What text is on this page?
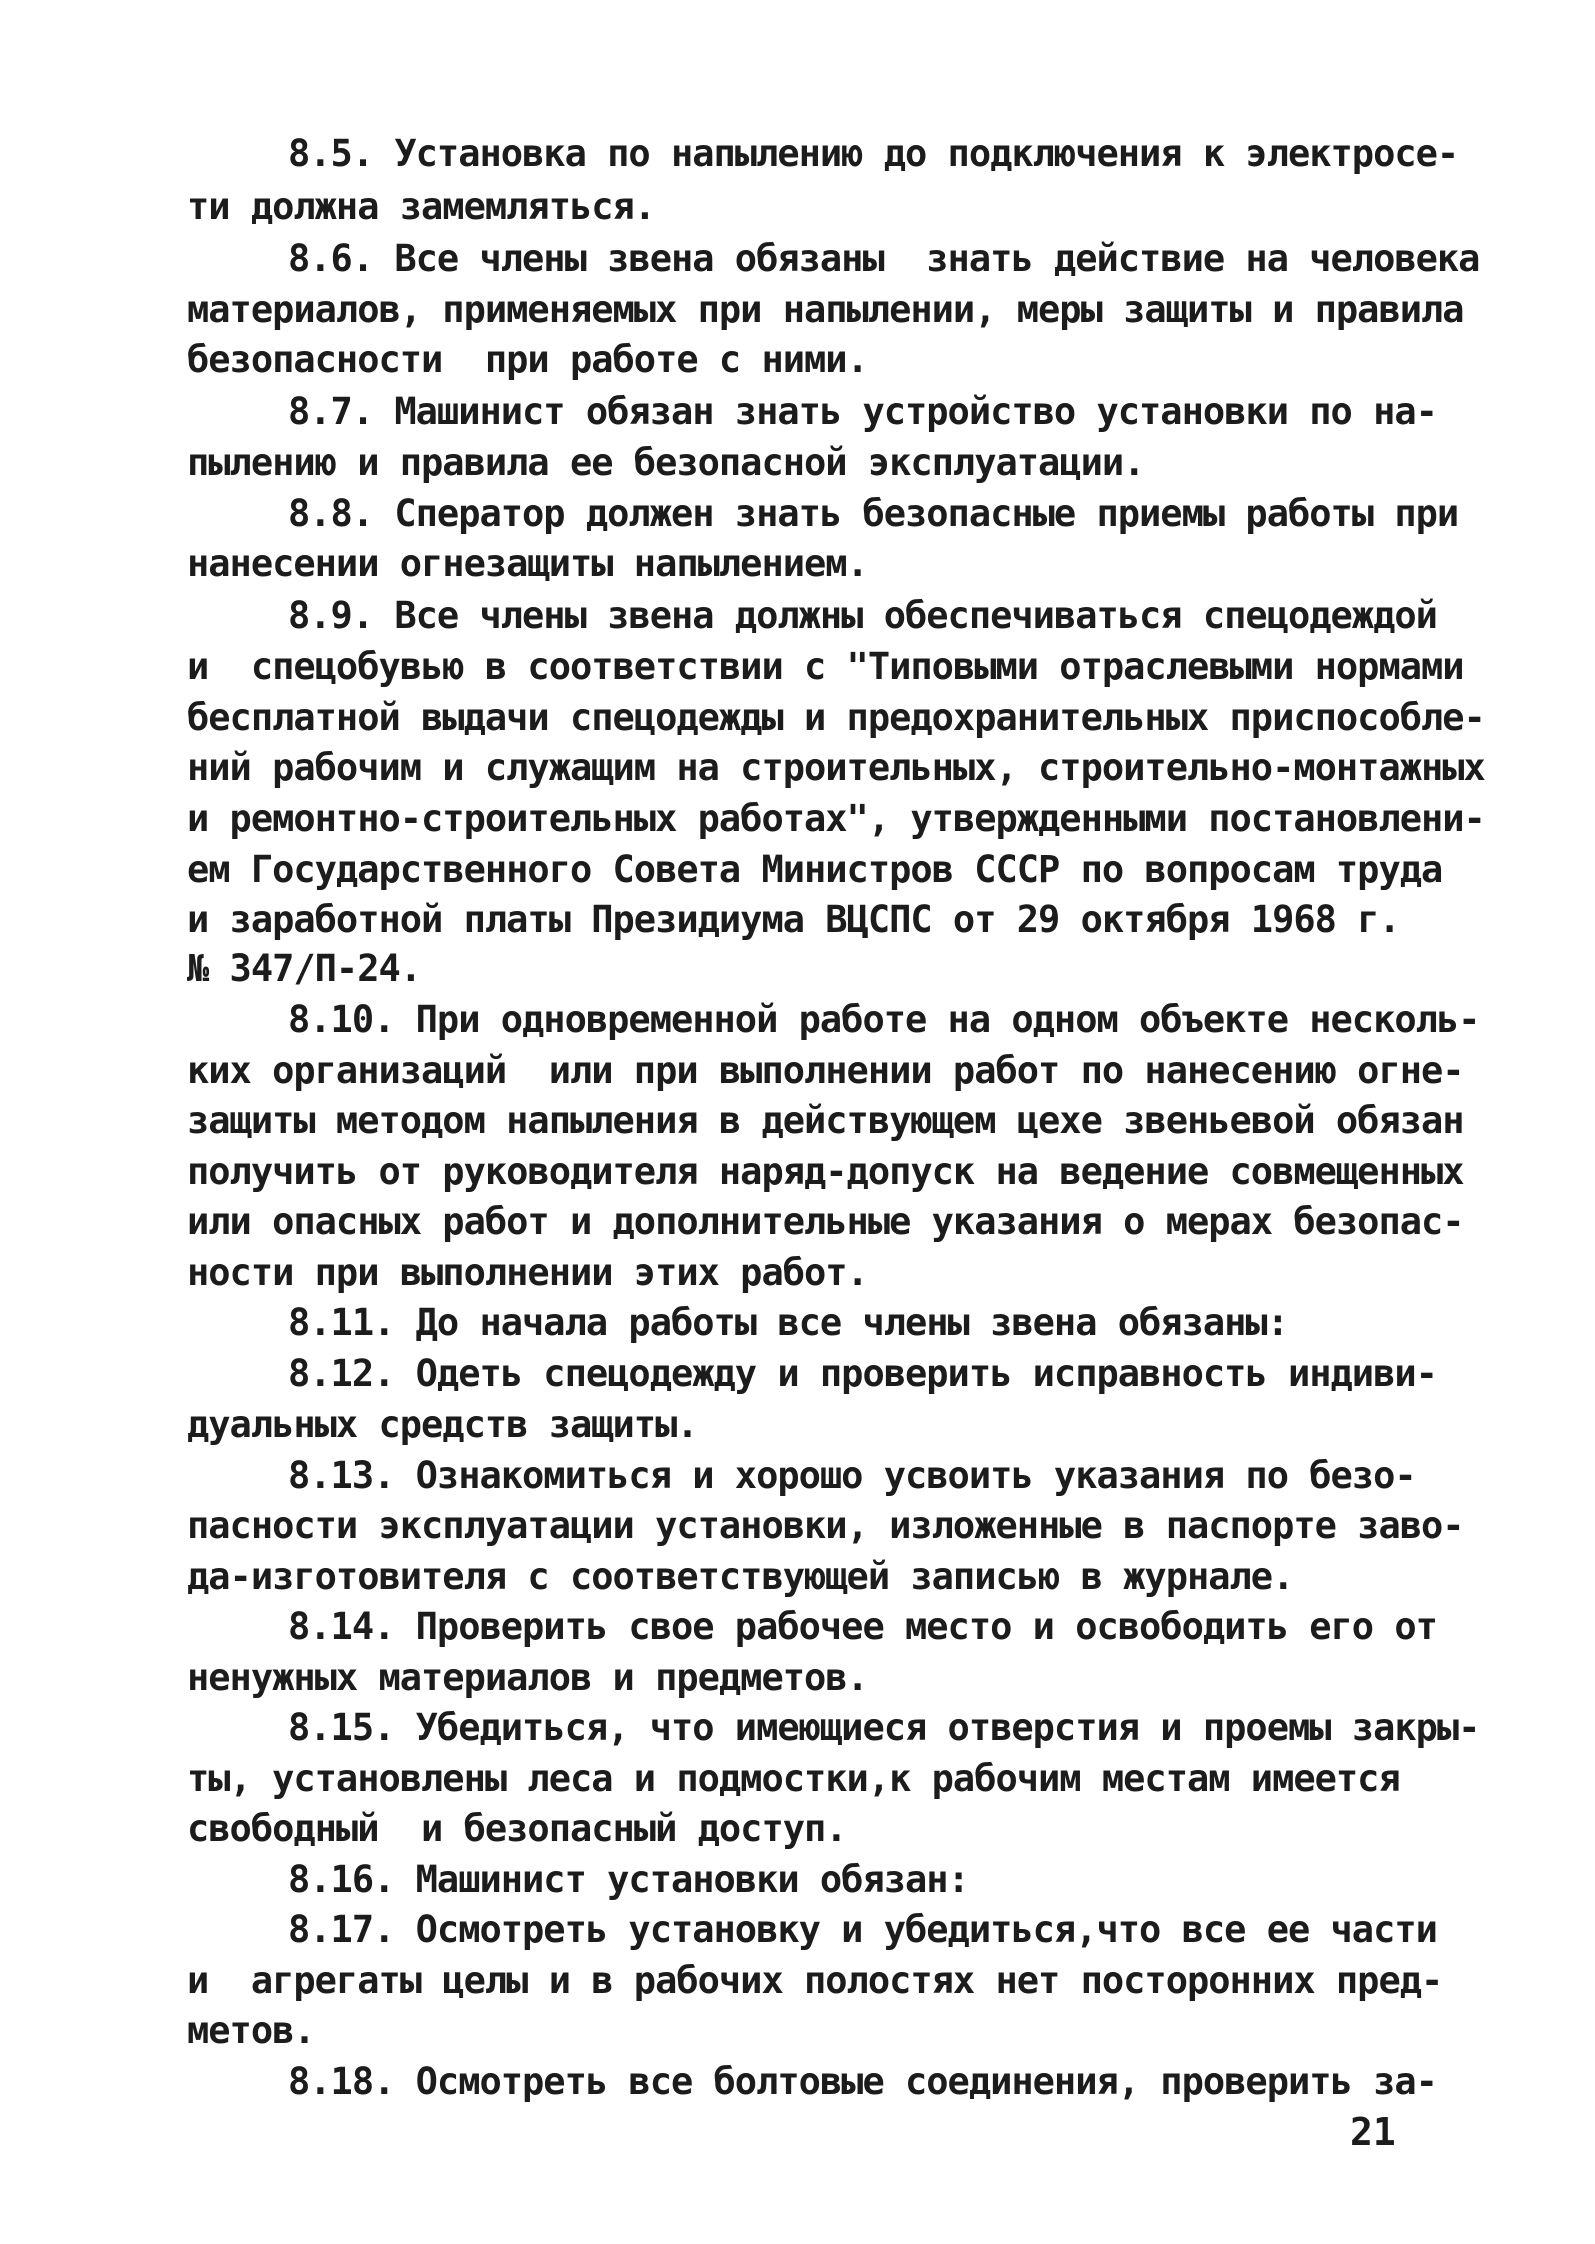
8.5. Установка по напылению до подключения к электросе-

ти должна замемляться.

8.6. Все члены звена обязаны  знать действие на человека

материалов, применяемых при напылении, меры защиты и правила

безопасности  при работе с ними.

8.7. Машинист обязан знать устройство установки по на-

пылению и правила ее безопасной эксплуатации.

8.8. Сператор должен знать безопасные приемы работы при

нанесении огнезащиты напылением.

8.9. Все члены звена должны обеспечиваться спецодеждой

и  спецобувью в соответствии с "Типовыми отраслевыми нормами

бесплатной выдачи спецодежды и предохранительных приспособле-

ний рабочим и служащим на строительных, строительно-монтажных

и ремонтно-строительных работах", утвержденными постановлени-

ем Государственного Совета Министров СССР по вопросам труда

и заработной платы Президиума ВЦСПС от 29 октября 1968 г.

№ 347/П-24.

8.10. При одновременной работе на одном объекте несколь-

ких организаций  или при выполнении работ по нанесению огне-

защиты методом напыления в действующем цехе звеньевой обязан

получить от руководителя наряд-допуск на ведение совмещенных

или опасных работ и дополнительные указания о мерах безопас-

ности при выполнении этих работ.

8.11. До начала работы все члены звена обязаны:

8.12. Одеть спецодежду и проверить исправность индиви-

дуальных средств защиты.

8.13. Ознакомиться и хорошо усвоить указания по безо-

пасности эксплуатации установки, изложенные в паспорте заво-

да-изготовителя с соответствующей записью в журнале.

8.14. Проверить свое рабочее место и освободить его от

ненужных материалов и предметов.

8.15. Убедиться, что имеющиеся отверстия и проемы закры-

ты, установлены леса и подмостки,к рабочим местам имеется

свободный  и безопасный доступ.

8.16. Машинист установки обязан:

8.17. Осмотреть установку и убедиться,что все ее части

и  агрегаты целы и в рабочих полостях нет посторонних пред-

метов.

8.18. Осмотреть все болтовые соединения, проверить за-

21
